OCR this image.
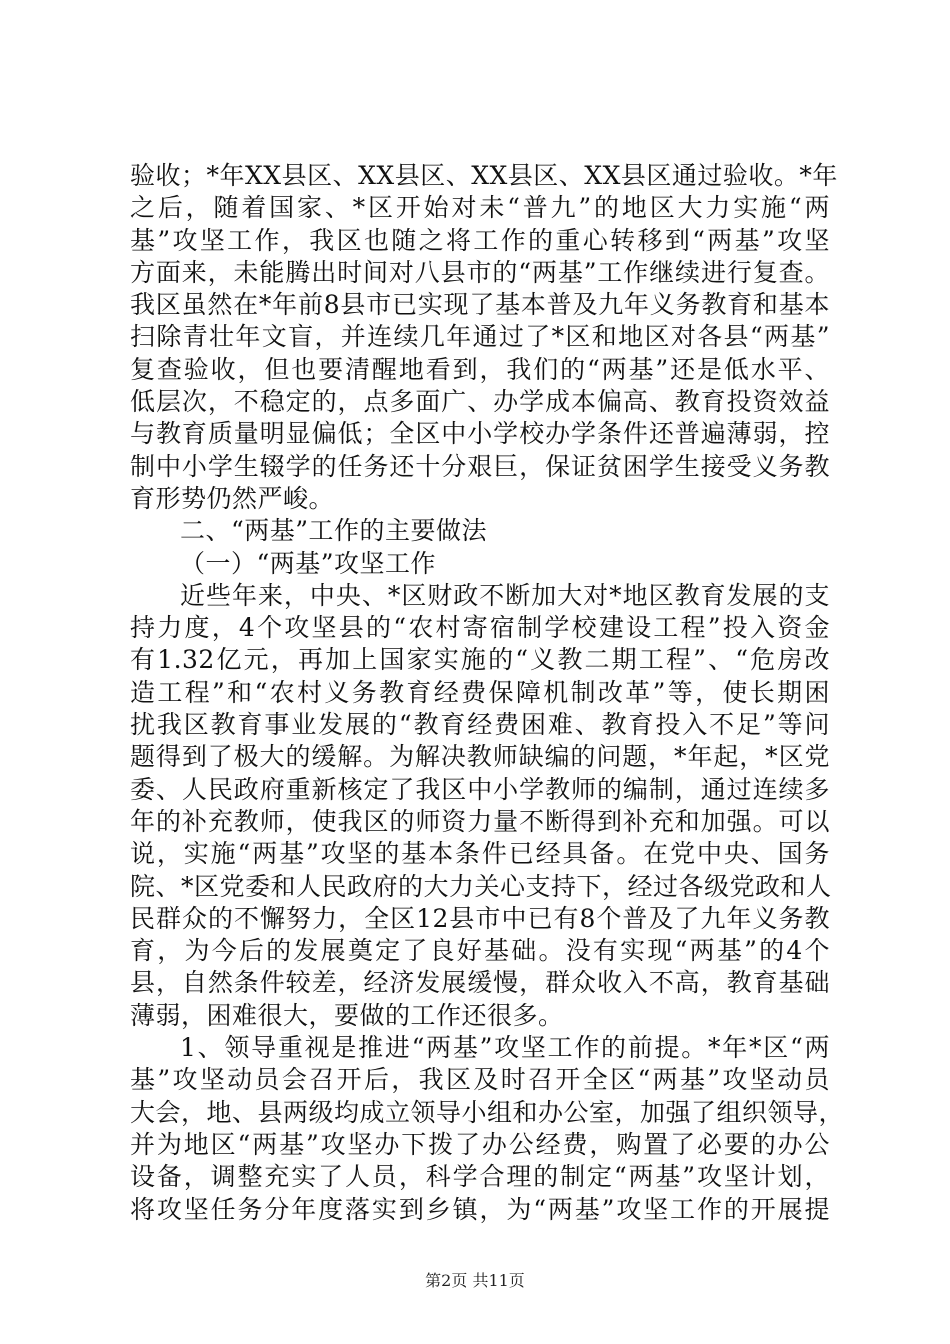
验收；*年XX县区、XX县区、XX县区、XX县区通过验收。*年
之后，随着国家、*区开始对未“普九”的地区大力实施“两
基”攻坚工作，我区也随之将工作的重心转移到“两基”攻坚
方面来，未能腾出时间对八县市的“两基”工作继续进行复查。
我区虽然在*年前8县市已实现了基本普及九年义务教育和基本
扫除青壮年文盲，并连续几年通过了*区和地区对各县“两基”
复查验收，但也要清醒地看到，我们的“两基”还是低水平、
低层次，不稳定的，点多面广、办学成本偏高、教育投资效益
与教育质量明显偏低；全区中小学校办学条件还普遍薄弱，控
制中小学生辍学的任务还十分艰巨，保证贫困学生接受义务教
育形势仍然严峻。
二、“两基”工作的主要做法
（一）“两基”攻坚工作
近些年来，中央、*区财政不断加大对*地区教育发展的支
持力度，4个攻坚县的“农村寄宿制学校建设工程”投入资金
有1.32亿元，再加上国家实施的“义教二期工程”、“危房改
造工程”和“农村义务教育经费保障机制改革”等，使长期困
扰我区教育事业发展的“教育经费困难、教育投入不足”等问
题得到了极大的缓解。为解决教师缺编的问题，*年起，*区党
委、人民政府重新核定了我区中小学教师的编制，通过连续多
年的补充教师，使我区的师资力量不断得到补充和加强。可以
说，实施“两基”攻坚的基本条件已经具备。在党中央、国务
院、*区党委和人民政府的大力关心支持下，经过各级党政和人
民群众的不懈努力，全区12县市中已有8个普及了九年义务教
育，为今后的发展奠定了良好基础。没有实现“两基”的4个
县，自然条件较差，经济发展缓慢，群众收入不高，教育基础
薄弱，困难很大，要做的工作还很多。
1、领导重视是推进“两基”攻坚工作的前提。*年*区“两
基”攻坚动员会召开后，我区及时召开全区“两基”攻坚动员
大会，地、县两级均成立领导小组和办公室，加强了组织领导，
并为地区“两基”攻坚办下拨了办公经费，购置了必要的办公
设备，调整充实了人员，科学合理的制定“两基”攻坚计划，
将攻坚任务分年度落实到乡镇，为“两基”攻坚工作的开展提
第2页 共11页
